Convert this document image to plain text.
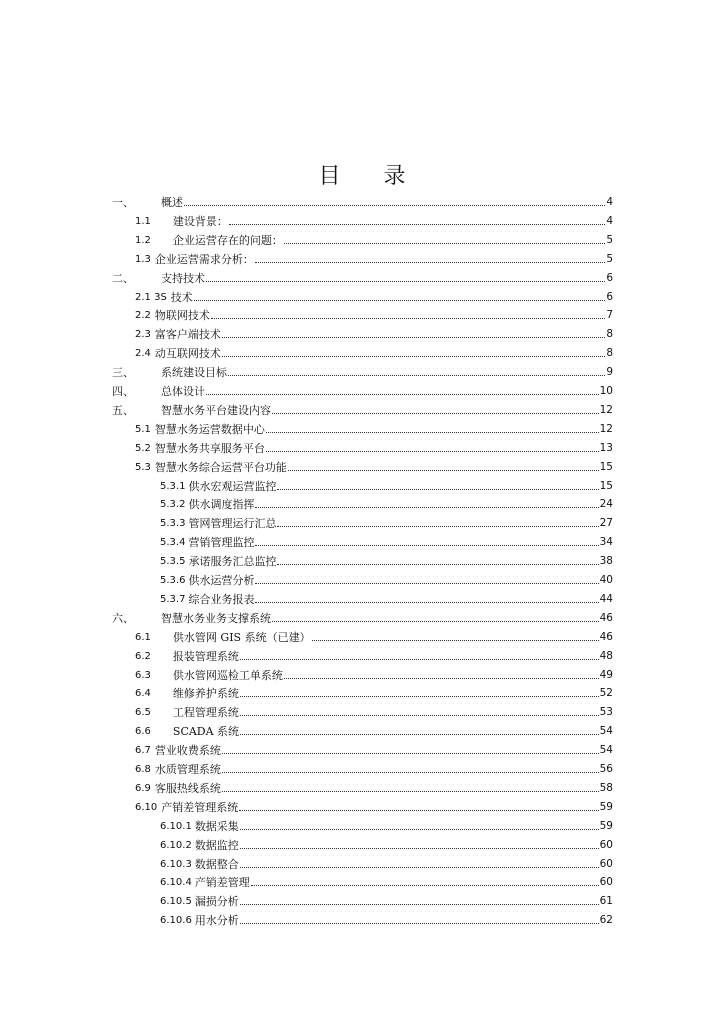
目 录
一、	概述	4
1.1 建设背景：	4
1.2 企业运营存在的问题：	5
1.3 企业运营需求分析：	5
二、	支持技术	6
2.1 3S 技术	6
2.2 物联网技术	7
2.3 富客户端技术	8
2.4 动互联网技术	8
三、	系统建设目标	9
四、	总体设计	10
五、	智慧水务平台建设内容	12
5.1 智慧水务运营数据中心	12
5.2 智慧水务共享服务平台	13
5.3 智慧水务综合运营平台功能	15
5.3.1 供水宏观运营监控	15
5.3.2 供水调度指挥	24
5.3.3 管网管理运行汇总	27
5.3.4 营销管理监控	34
5.3.5 承诺服务汇总监控	38
5.3.6 供水运营分析	40
5.3.7 综合业务报表	44
六、	智慧水务业务支撑系统	46
6.1 供水管网 GIS 系统（已建）	46
6.2 报装管理系统	48
6.3 供水管网巡检工单系统	49
6.4 维修养护系统	52
6.5 工程管理系统	53
6.6 SCADA 系统	54
6.7 营业收费系统	54
6.8 水质管理系统	56
6.9 客服热线系统	58
6.10 产销差管理系统	59
6.10.1 数据采集	59
6.10.2 数据监控	60
6.10.3 数据整合	60
6.10.4 产销差管理	60
6.10.5 漏损分析	61
6.10.6 用水分析	62
